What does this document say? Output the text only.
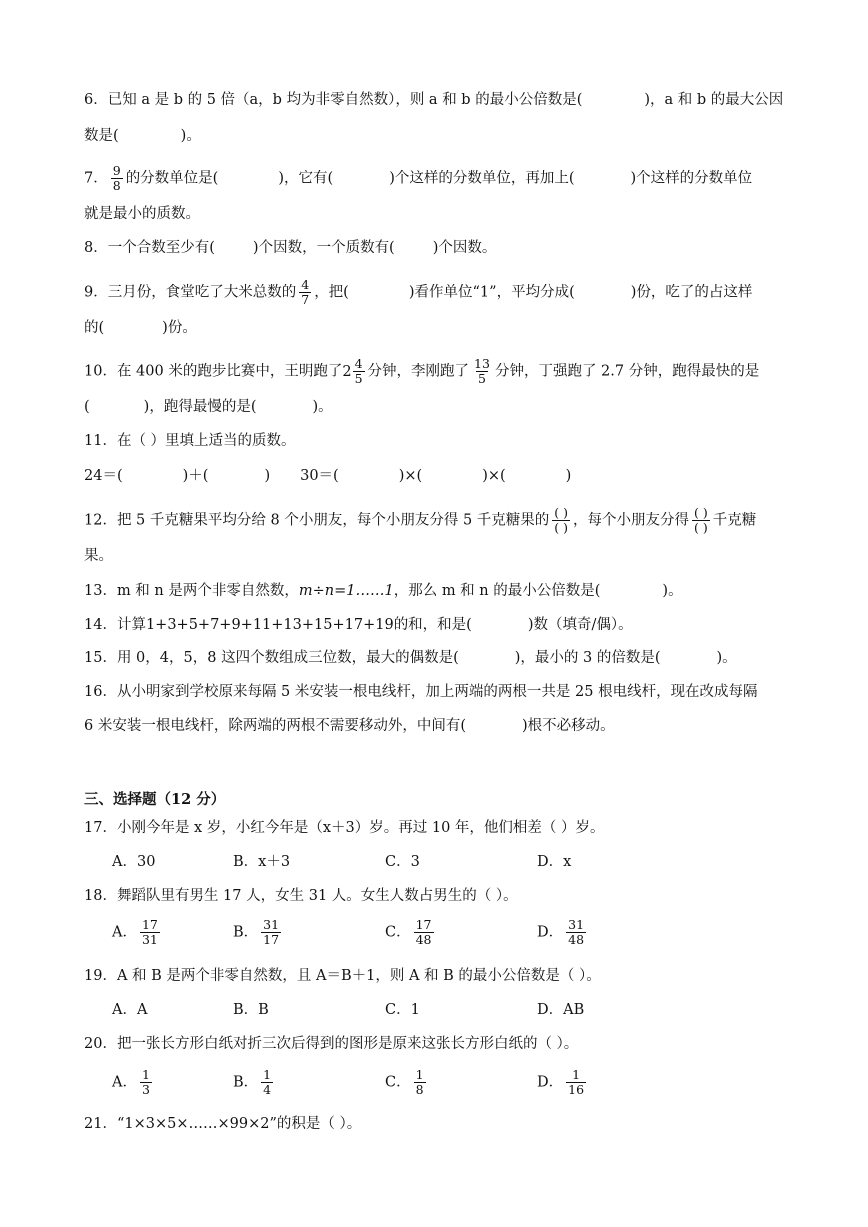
6．已知 a 是 b 的 5 倍（a，b 均为非零自然数），则 a 和 b 的最小公倍数是(	)，a 和 b 的最大公因
数是(	)。
7． $\frac{9}{8}$ 的分数单位是(	)，它有(	)个这样的分数单位，再加上(	)个这样的分数单位
就是最小的质数。
8．一个合数至少有(	)个因数，一个质数有(	)个因数。
9．三月份，食堂吃了大米总数的 $\frac{4}{7}$ ，把(	)看作单位“1”，平均分成(	)份，吃了的占这样
的(	)份。
10．在 400 米的跑步比赛中，王明跑了$2 \frac{4}{5}$ 分钟，李刚跑了 $\frac{13}{5}$ 分钟，丁强跑了 2.7 分钟，跑得最快的是
(	)，跑得最慢的是(	)。
11．在（ ）里填上适当的质数。
24＝(	)＋(	) 30＝(	)×(	)×(	)
12．把 5 千克糖果平均分给 8 个小朋友，每个小朋友分得 5 千克糖果的 $\frac{( )}{( )}$ ，每个小朋友分得 $\frac{( )}{( )}$ 千克糖
果。
13．m 和 n 是两个非零自然数，m÷n=1……1，那么 m 和 n 的最小公倍数是(	)。
14．计算1+3+5+7+9+11+13+15+17+19的和，和是(	)数（填奇/偶）。
15．用 0，4，5，8 这四个数组成三位数，最大的偶数是(	)，最小的 3 的倍数是(	)。
16．从小明家到学校原来每隔 5 米安装一根电线杆，加上两端的两根一共是 25 根电线杆，现在改成每隔
6 米安装一根电线杆，除两端的两根不需要移动外，中间有(	)根不必移动。
三、选择题（12 分）
17．小刚今年是 x 岁，小红今年是（x＋3）岁。再过 10 年，他们相差（ ）岁。
A．30	B．x＋3	C．3	D．x
18．舞蹈队里有男生 17 人，女生 31 人。女生人数占男生的（ ）。
A． $\frac{17}{31}$	B． $\frac{31}{17}$	C． $\frac{17}{48}$	D． $\frac{31}{48}$
19．A 和 B 是两个非零自然数，且 A＝B＋1，则 A 和 B 的最小公倍数是（ ）。
A．A	B．B	C．1	D．AB
20．把一张长方形白纸对折三次后得到的图形是原来这张长方形白纸的（ ）。
A． $\frac{1}{3}$	B． $\frac{1}{4}$	C． $\frac{1}{8}$	D． $\frac{1}{16}$
21．“1×3×5×……×99×2”的积是（ ）。
